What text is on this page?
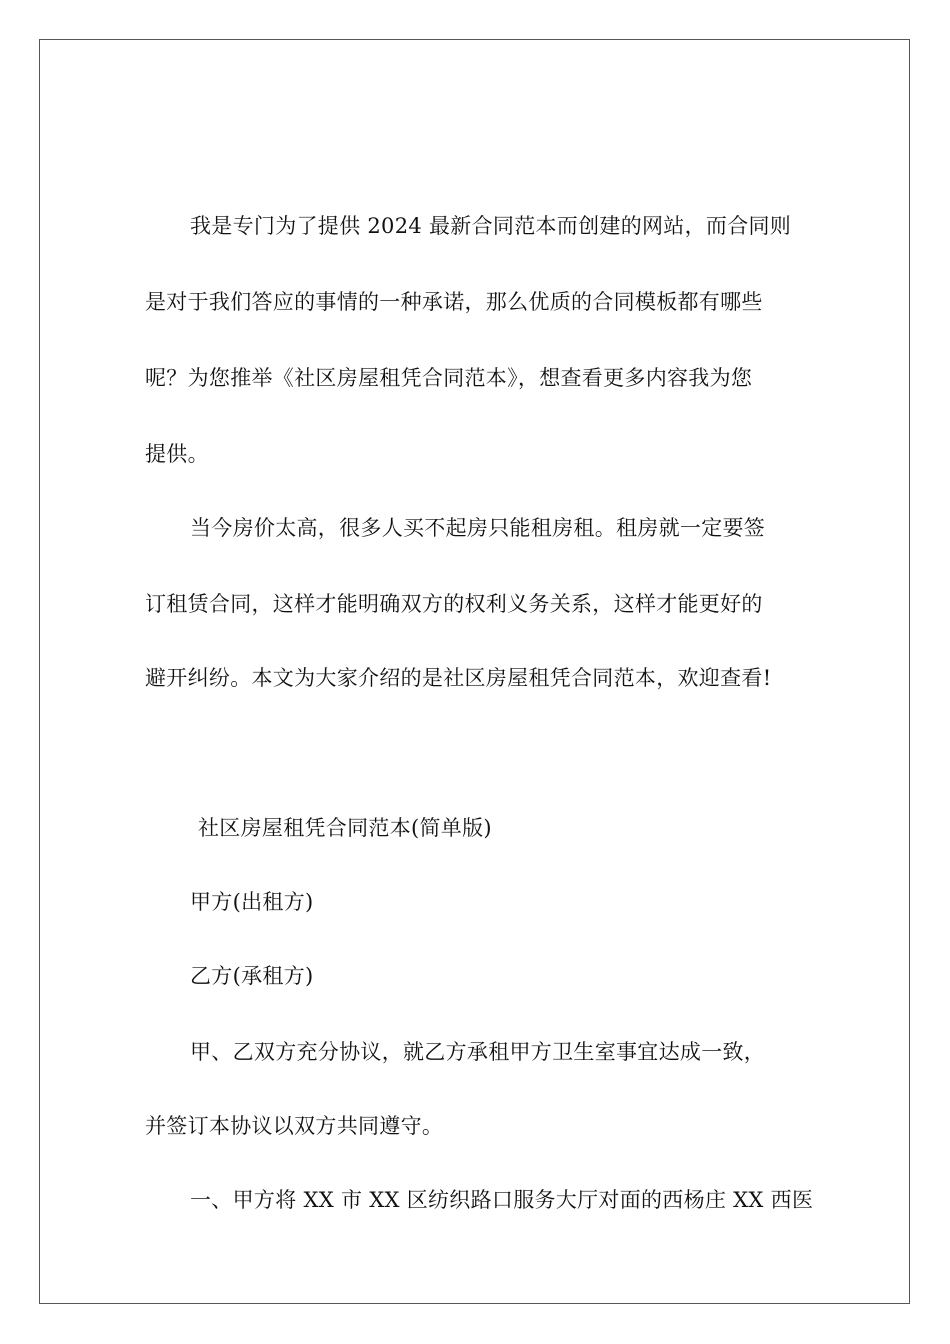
我是专门为了提供 2024 最新合同范本而创建的网站，而合同则
是对于我们答应的事情的一种承诺，那么优质的合同模板都有哪些
呢？为您推举《社区房屋租凭合同范本》，想查看更多内容我为您
提供。
当今房价太高，很多人买不起房只能租房租。租房就一定要签
订租赁合同，这样才能明确双方的权利义务关系，这样才能更好的
避开纠纷。本文为大家介绍的是社区房屋租凭合同范本，欢迎查看!
社区房屋租凭合同范本(简单版)
甲方(出租方)
乙方(承租方)
甲、乙双方充分协议，就乙方承租甲方卫生室事宜达成一致，
并签订本协议以双方共同遵守。
一、甲方将 XX 市 XX 区纺织路口服务大厅对面的西杨庄 XX 西医
